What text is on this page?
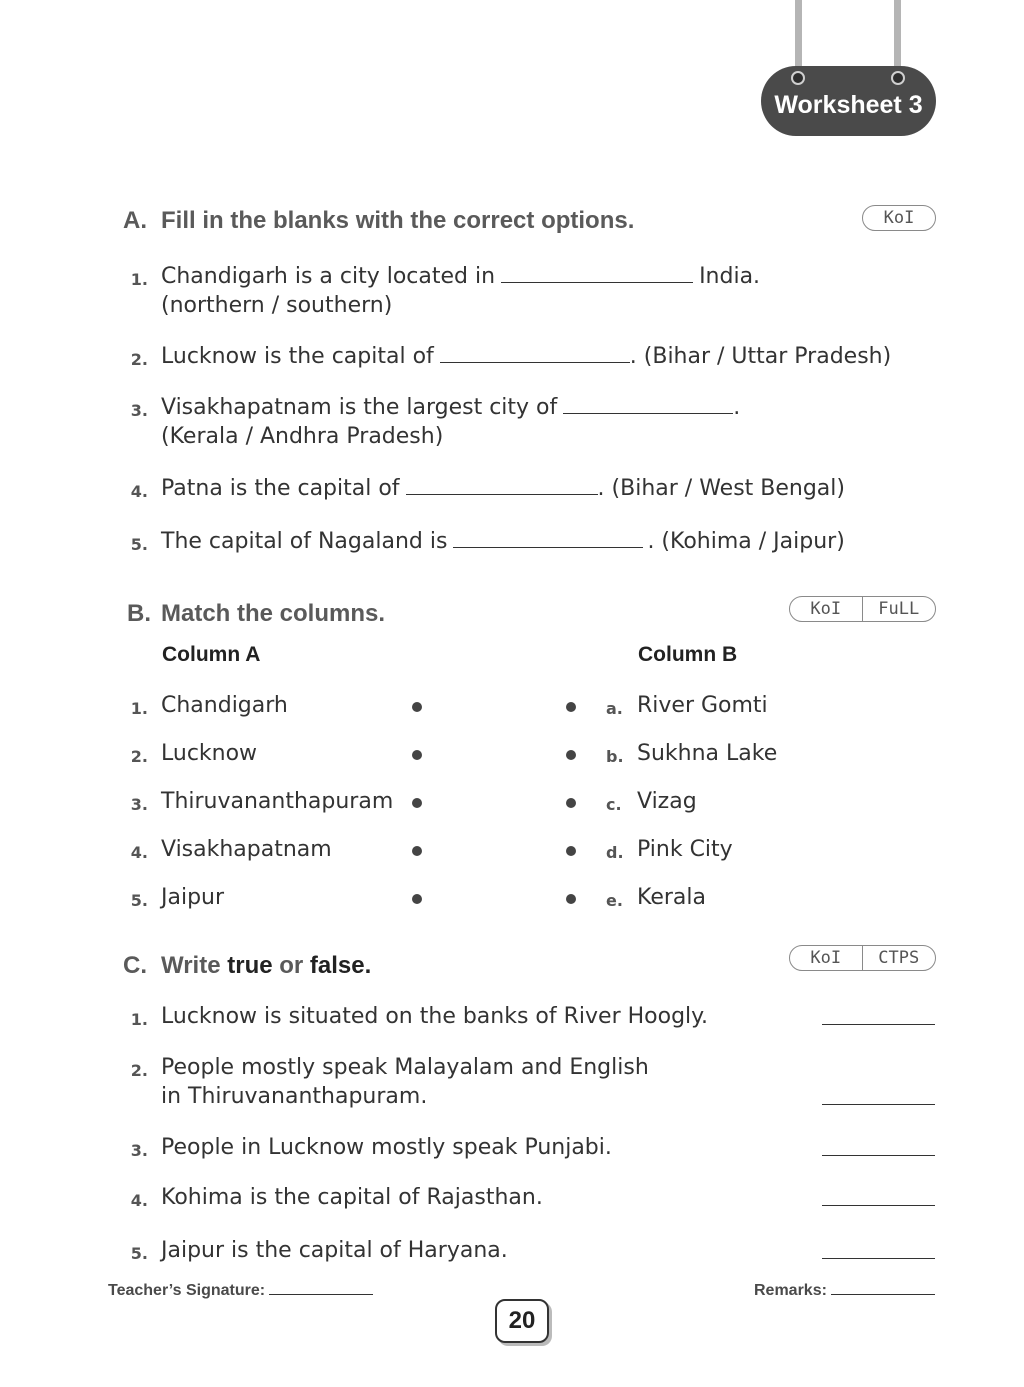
Worksheet 3
A. Fill in the blanks with the correct options.	KoI
1. Chandigarh is a city located in	India.
(northern / southern)
2. Lucknow is the capital of	. (Bihar / Uttar Pradesh)
3. Visakhapatnam is the largest city of	.
(Kerala / Andhra Pradesh)
4. Patna is the capital of	. (Bihar / West Bengal)
5. The capital of Nagaland is	. (Kohima / Jaipur)
B. Match the columns.	KoI	FuLL
Column A	Column B
1. Chandigarh	a. River Gomti
2. Lucknow	b. Sukhna Lake
3. Thiruvananthapuram	c. Vizag
4. Visakhapatnam	d. Pink City
5. Jaipur	e. Kerala
C. Write true or false.	KoI	CTPS
1. Lucknow is situated on the banks of River Hoogly.
2. People mostly speak Malayalam and English
in Thiruvananthapuram.
3. People in Lucknow mostly speak Punjabi.
4. Kohima is the capital of Rajasthan.
5. Jaipur is the capital of Haryana.
Teacher’s Signature:	Remarks:
20
